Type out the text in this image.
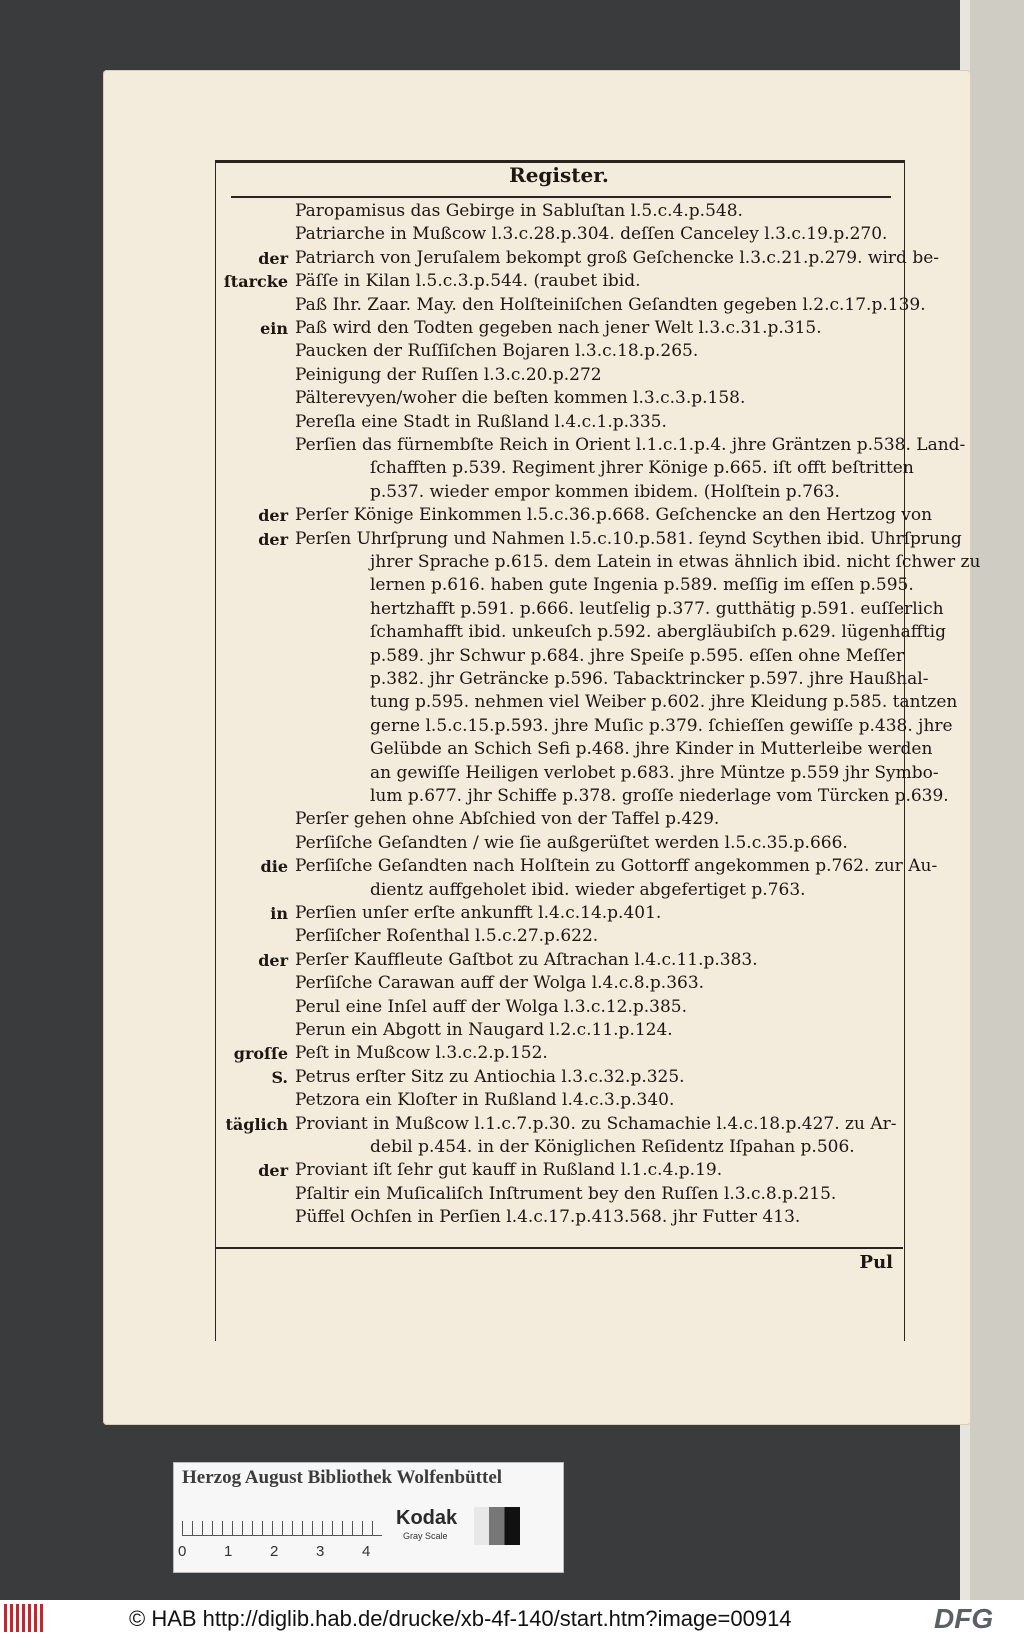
Register.
Paropamisus das Gebirge in Sabluſtan l.5.c.4.p.548.
Patriarche in Mußcow l.3.c.28.p.304. deſſen Canceley l.3.c.19.p.270.
der Patriarch von Jeruſalem bekompt groß Geſchencke l.3.c.21.p.279. wird be-
ſtarcke Päſſe in Kilan l.5.c.3.p.544. (raubet ibid.
Paß Ihr. Zaar. May. den Holſteiniſchen Geſandten gegeben l.2.c.17.p.139.
ein Paß wird den Todten gegeben nach jener Welt l.3.c.31.p.315.
Paucken der Ruſſiſchen Bojaren l.3.c.18.p.265.
Peinigung der Ruſſen l.3.c.20.p.272
Pälterevyen/woher die beſten kommen l.3.c.3.p.158.
Pereſla eine Stadt in Rußland l.4.c.1.p.335.
Perſien das fürnembſte Reich in Orient l.1.c.1.p.4. jhre Gräntzen p.538. Land-
ſchafften p.539. Regiment jhrer Könige p.665. iſt offt beſtritten
p.537. wieder empor kommen ibidem. (Holſtein p.763.
der Perſer Könige Einkommen l.5.c.36.p.668. Geſchencke an den Hertzog von
der Perſen Uhrſprung und Nahmen l.5.c.10.p.581. ſeynd Scythen ibid. Uhrſprung
jhrer Sprache p.615. dem Latein in etwas ähnlich ibid. nicht ſchwer zu
lernen p.616. haben gute Ingenia p.589. meſſig im eſſen p.595.
hertzhafft p.591. p.666. leutſelig p.377. gutthätig p.591. euſſerlich
ſchamhafft ibid. unkeuſch p.592. abergläubiſch p.629. lügenhafftig
p.589. jhr Schwur p.684. jhre Speiſe p.595. eſſen ohne Meſſer
p.382. jhr Geträncke p.596. Tabacktrincker p.597. jhre Haußhal-
tung p.595. nehmen viel Weiber p.602. jhre Kleidung p.585. tantzen
gerne l.5.c.15.p.593. jhre Muſic p.379. ſchieſſen gewiſſe p.438. jhre
Gelübde an Schich Sefi p.468. jhre Kinder in Mutterleibe werden
an gewiſſe Heiligen verlobet p.683. jhre Müntze p.559 jhr Symbo-
lum p.677. jhr Schiffe p.378. groſſe niederlage vom Türcken p.639.
Perſer gehen ohne Abſchied von der Taffel p.429.
Perſiſche Geſandten / wie ſie außgerüſtet werden l.5.c.35.p.666.
die Perſiſche Geſandten nach Holſtein zu Gottorff angekommen p.762. zur Au-
dientz auffgeholet ibid. wieder abgefertiget p.763.
in Perſien unſer erſte ankunfft l.4.c.14.p.401.
Perſiſcher Roſenthal l.5.c.27.p.622.
der Perſer Kauffleute Gaſtbot zu Aſtrachan l.4.c.11.p.383.
Perſiſche Carawan auff der Wolga l.4.c.8.p.363.
Perul eine Inſel auff der Wolga l.3.c.12.p.385.
Perun ein Abgott in Naugard l.2.c.11.p.124.
groſſe Peſt in Mußcow l.3.c.2.p.152.
S. Petrus erſter Sitz zu Antiochia l.3.c.32.p.325.
Petzora ein Kloſter in Rußland l.4.c.3.p.340.
täglich Proviant in Mußcow l.1.c.7.p.30. zu Schamachie l.4.c.18.p.427. zu Ar-
debil p.454. in der Königlichen Reſidentz Iſpahan p.506.
der Proviant iſt ſehr gut kauff in Rußland l.1.c.4.p.19.
Pſaltir ein Muſicaliſch Inſtrument bey den Ruſſen l.3.c.8.p.215.
Püffel Ochſen in Perſien l.4.c.17.p.413.568. jhr Futter 413.
Pul
Herzog August Bibliothek Wolfenbüttel
0	1	2	3	4
Kodak
Gray Scale
© HAB http://diglib.hab.de/drucke/xb-4f-140/start.htm?image=00914	DFG
